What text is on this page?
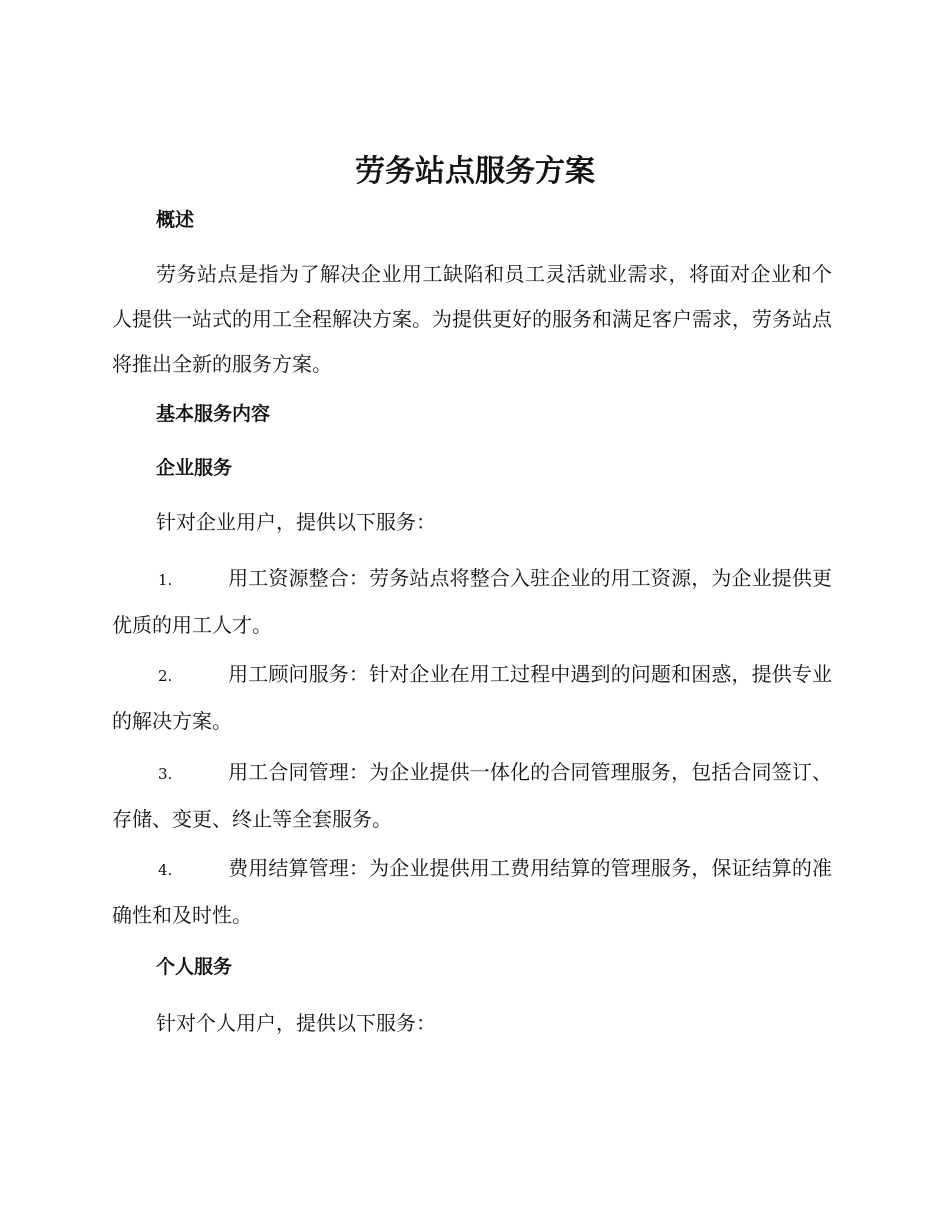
劳务站点服务方案
概述

劳务站点是指为了解决企业用工缺陷和员工灵活就业需求，将面对企业和个人提供一站式的用工全程解决方案。为提供更好的服务和满足客户需求，劳务站点将推出全新的服务方案。

基本服务内容
企业服务

针对企业用户，提供以下服务：

1.	用工资源整合：劳务站点将整合入驻企业的用工资源，为企业提供更优质的用工人才。

2.	用工顾问服务：针对企业在用工过程中遇到的问题和困惑，提供专业的解决方案。

3.	用工合同管理：为企业提供一体化的合同管理服务，包括合同签订、存储、变更、终止等全套服务。

4.	费用结算管理：为企业提供用工费用结算的管理服务，保证结算的准确性和及时性。

个人服务

针对个人用户，提供以下服务：
